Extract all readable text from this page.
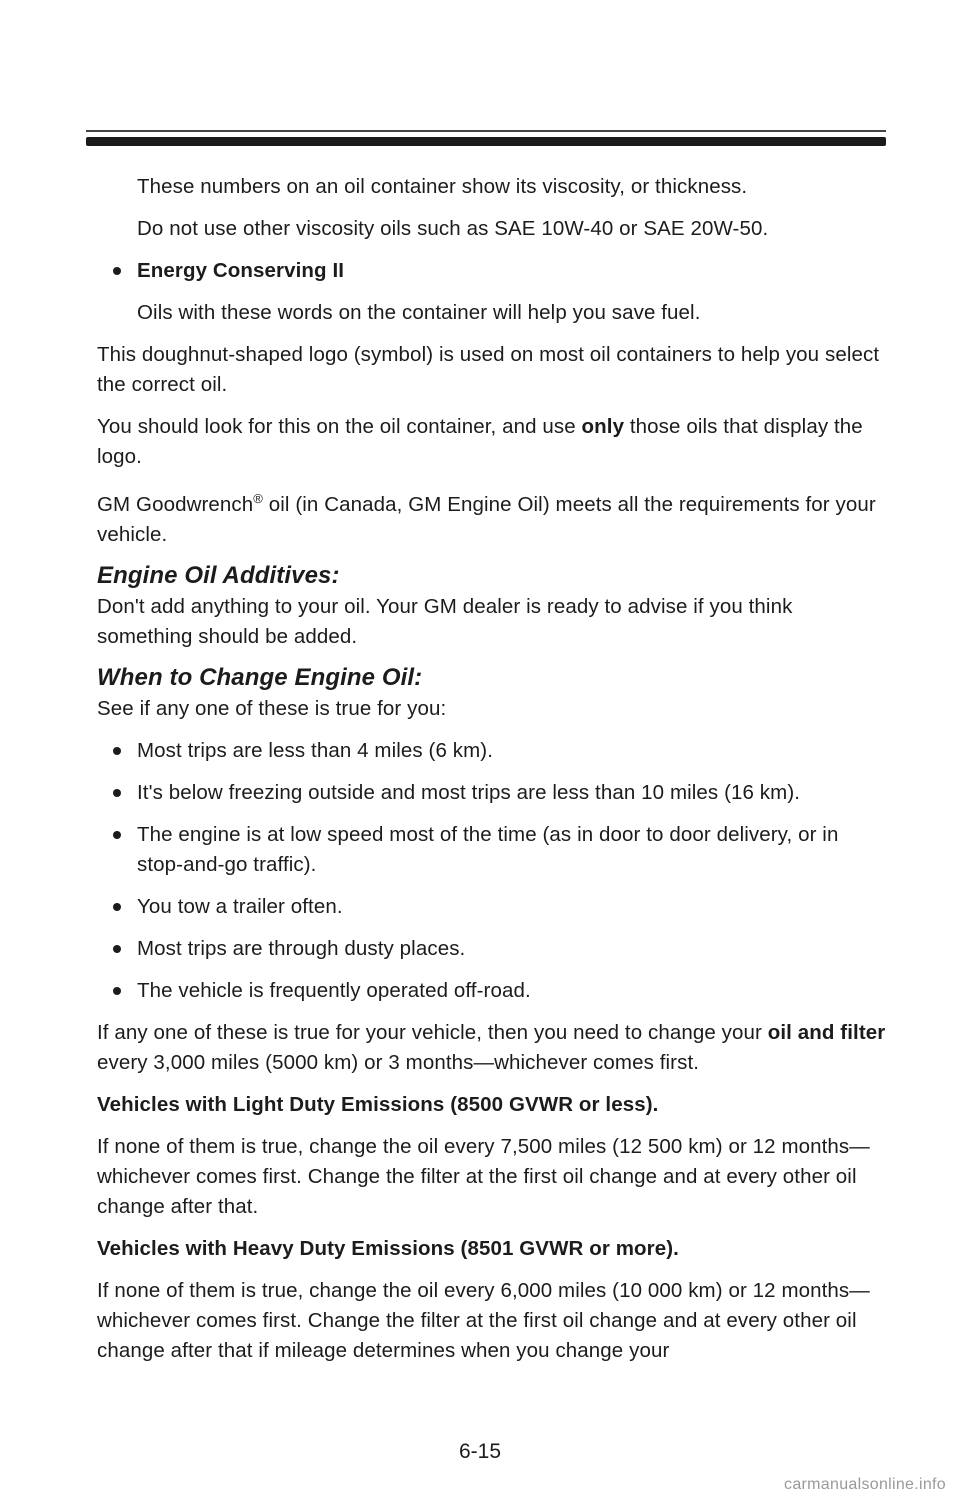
These numbers on an oil container show its viscosity, or thickness.

Do not use other viscosity oils such as SAE 10W-40 or SAE 20W-50.

Energy Conserving II

Oils with these words on the container will help you save fuel.

This doughnut-shaped logo (symbol) is used on most oil containers to help you select the correct oil.

You should look for this on the oil container, and use only those oils that display the logo.

GM Goodwrench® oil (in Canada, GM Engine Oil) meets all the requirements for your vehicle.

Engine Oil Additives:

Don't add anything to your oil. Your GM dealer is ready to advise if you think something should be added.

When to Change Engine Oil:

See if any one of these is true for you:

Most trips are less than 4 miles (6 km).
It's below freezing outside and most trips are less than 10 miles (16 km).
The engine is at low speed most of the time (as in door to door delivery, or in stop-and-go traffic).
You tow a trailer often.
Most trips are through dusty places.
The vehicle is frequently operated off-road.

If any one of these is true for your vehicle, then you need to change your oil and filter every 3,000 miles (5000 km) or 3 months—whichever comes first.

Vehicles with Light Duty Emissions (8500 GVWR or less).

If none of them is true, change the oil every 7,500 miles (12 500 km) or 12 months—whichever comes first. Change the filter at the first oil change and at every other oil change after that.

Vehicles with Heavy Duty Emissions (8501 GVWR or more).

If none of them is true, change the oil every 6,000 miles (10 000 km) or 12 months—whichever comes first. Change the filter at the first oil change and at every other oil change after that if mileage determines when you change your

6-15
carmanualsonline.info
